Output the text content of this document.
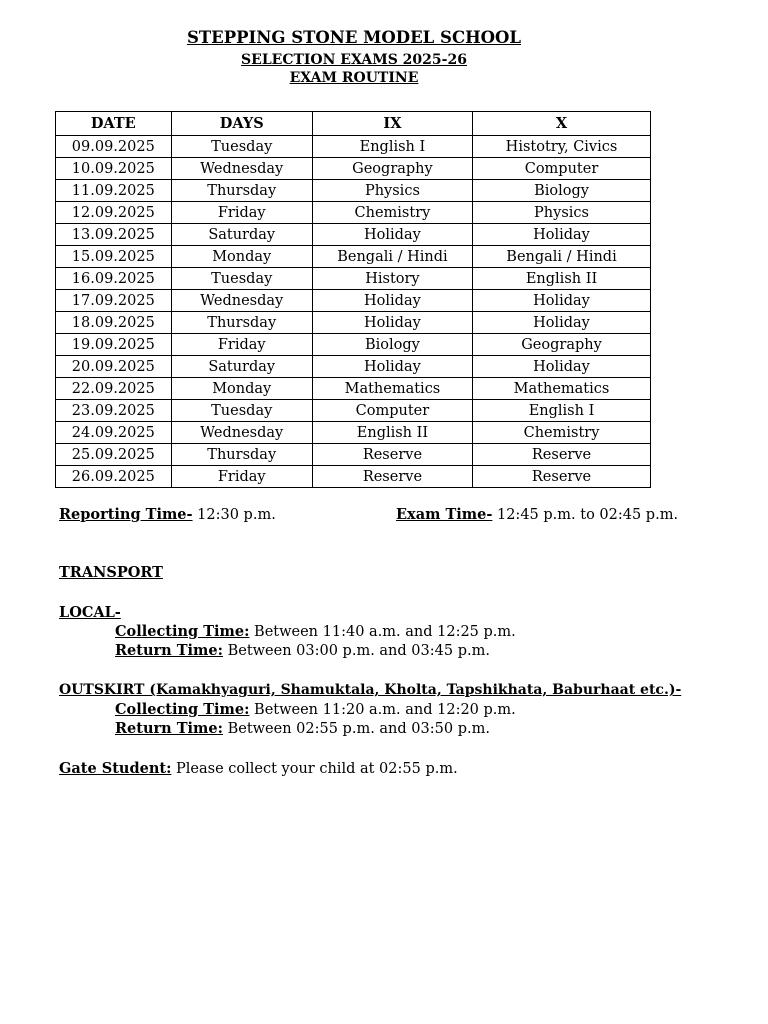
STEPPING STONE MODEL SCHOOL
SELECTION EXAMS 2025-26
EXAM ROUTINE
DATE	DAYS	IX	X
09.09.2025	Tuesday	English I	Histotry, Civics
10.09.2025	Wednesday	Geography	Computer
11.09.2025	Thursday	Physics	Biology
12.09.2025	Friday	Chemistry	Physics
13.09.2025	Saturday	Holiday	Holiday
15.09.2025	Monday	Bengali / Hindi	Bengali / Hindi
16.09.2025	Tuesday	History	English II
17.09.2025	Wednesday	Holiday	Holiday
18.09.2025	Thursday	Holiday	Holiday
19.09.2025	Friday	Biology	Geography
20.09.2025	Saturday	Holiday	Holiday
22.09.2025	Monday	Mathematics	Mathematics
23.09.2025	Tuesday	Computer	English I
24.09.2025	Wednesday	English II	Chemistry
25.09.2025	Thursday	Reserve	Reserve
26.09.2025	Friday	Reserve	Reserve
Reporting Time- 12:30 p.m.	Exam Time- 12:45 p.m. to 02:45 p.m.
TRANSPORT
LOCAL-
Collecting Time: Between 11:40 a.m. and 12:25 p.m.
Return Time: Between 03:00 p.m. and 03:45 p.m.
OUTSKIRT (Kamakhyaguri, Shamuktala, Kholta, Tapshikhata, Baburhaat etc.)-
Collecting Time: Between 11:20 a.m. and 12:20 p.m.
Return Time: Between 02:55 p.m. and 03:50 p.m.
Gate Student: Please collect your child at 02:55 p.m.
